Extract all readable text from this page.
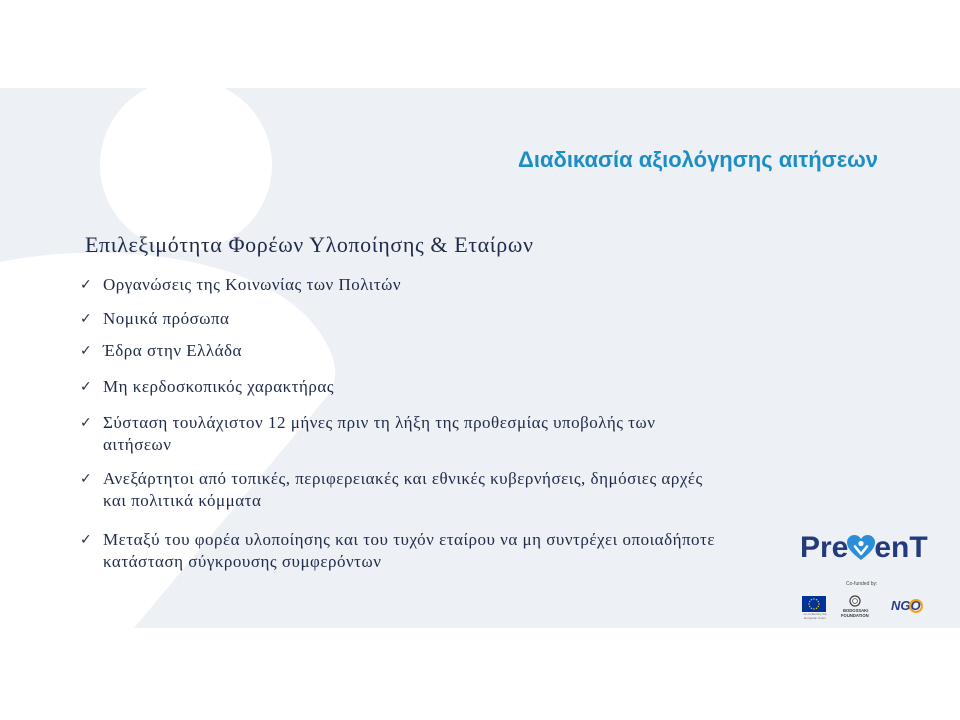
Διαδικασία αξιολόγησης αιτήσεων
Επιλεξιμότητα Φορέων Υλοποίησης & Εταίρων
✓
Οργανώσεις της Κοινωνίας των Πολιτών
✓
Νομικά πρόσωπα
✓
Έδρα στην Ελλάδα
✓
Μη κερδοσκοπικός χαρακτήρας
✓
Σύσταση τουλάχιστον 12 μήνες πριν τη λήξη της προθεσμίας υποβολής των
αιτήσεων
✓
Ανεξάρτητοι από τοπικές, περιφερειακές και εθνικές κυβερνήσεις, δημόσιες αρχές
και πολιτικά κόμματα
✓
Μεταξύ του φορέα υλοποίησης και του τυχόν εταίρου να μη συντρέχει οποιαδήποτε
κατάσταση σύγκρουσης συμφερόντων	Pre enT
Co-funded by:
Co-funded by the European Union
BODOSSAKI
FOUNDATION
NGO
